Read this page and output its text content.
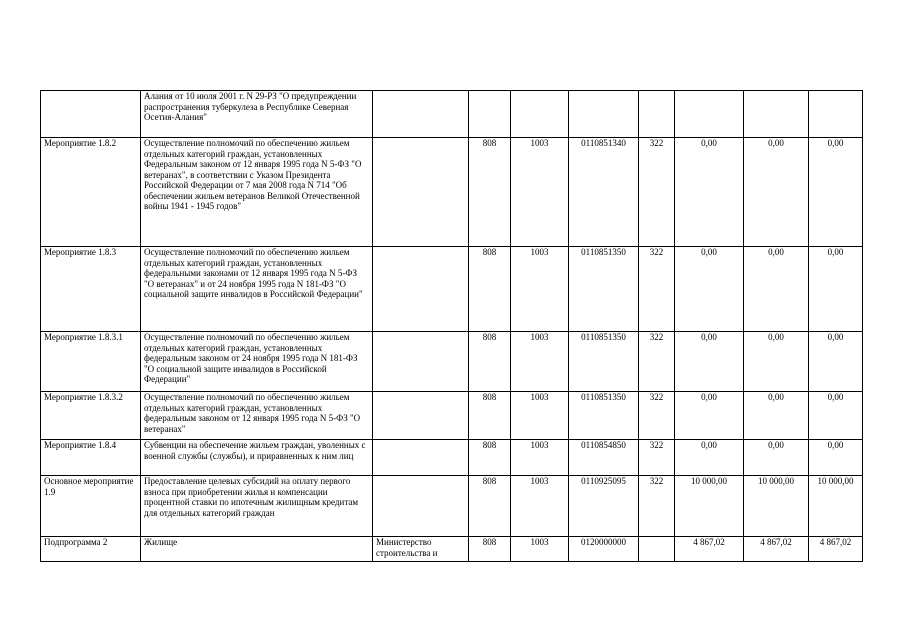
	Алания от 10 июля 2001 г. N 29-РЗ "О предупреждении распространения туберкулеза в Республике Северная Осетия-Алания"								
Мероприятие 1.8.2	Осуществление полномочий по обеспечению жильем отдельных категорий граждан, установленных Федеральным законом от 12 января 1995 года N 5-ФЗ "О ветеранах", в соответствии с Указом Президента Российской Федерации от 7 мая 2008 года N 714 "Об обеспечении жильем ветеранов Великой Отечественной войны 1941 - 1945 годов"		808	1003	0110851340	322	0,00	0,00	0,00
Мероприятие 1.8.3	Осуществление полномочий по обеспечению жильем отдельных категорий граждан, установленных федеральными законами от 12 января 1995 года N 5-ФЗ "О ветеранах" и от 24 ноября 1995 года N 181-ФЗ "О социальной защите инвалидов в Российской Федерации"		808	1003	0110851350	322	0,00	0,00	0,00
Мероприятие 1.8.3.1	Осуществление полномочий по обеспечению жильем отдельных категорий граждан, установленных федеральным законом от 24 ноября 1995 года N 181-ФЗ "О социальной защите инвалидов в Российской Федерации"		808	1003	0110851350	322	0,00	0,00	0,00
Мероприятие 1.8.3.2	Осуществление полномочий по обеспечению жильем отдельных категорий граждан, установленных федеральным законом от 12 января 1995 года N 5-ФЗ "О ветеранах"		808	1003	0110851350	322	0,00	0,00	0,00
Мероприятие 1.8.4	Субвенции на обеспечение жильем граждан, уволенных с военной службы (службы), и приравненных к ним лиц		808	1003	0110854850	322	0,00	0,00	0,00
Основное мероприятие 1.9	Предоставление целевых субсидий на оплату первого взноса при приобретении жилья и компенсации процентной ставки по ипотечным жилищным кредитам для отдельных категорий граждан		808	1003	0110925095	322	10 000,00	10 000,00	10 000,00
Подпрограмма 2	Жилище	Министерство строительства и	808	1003	0120000000		4 867,02	4 867,02	4 867,02
